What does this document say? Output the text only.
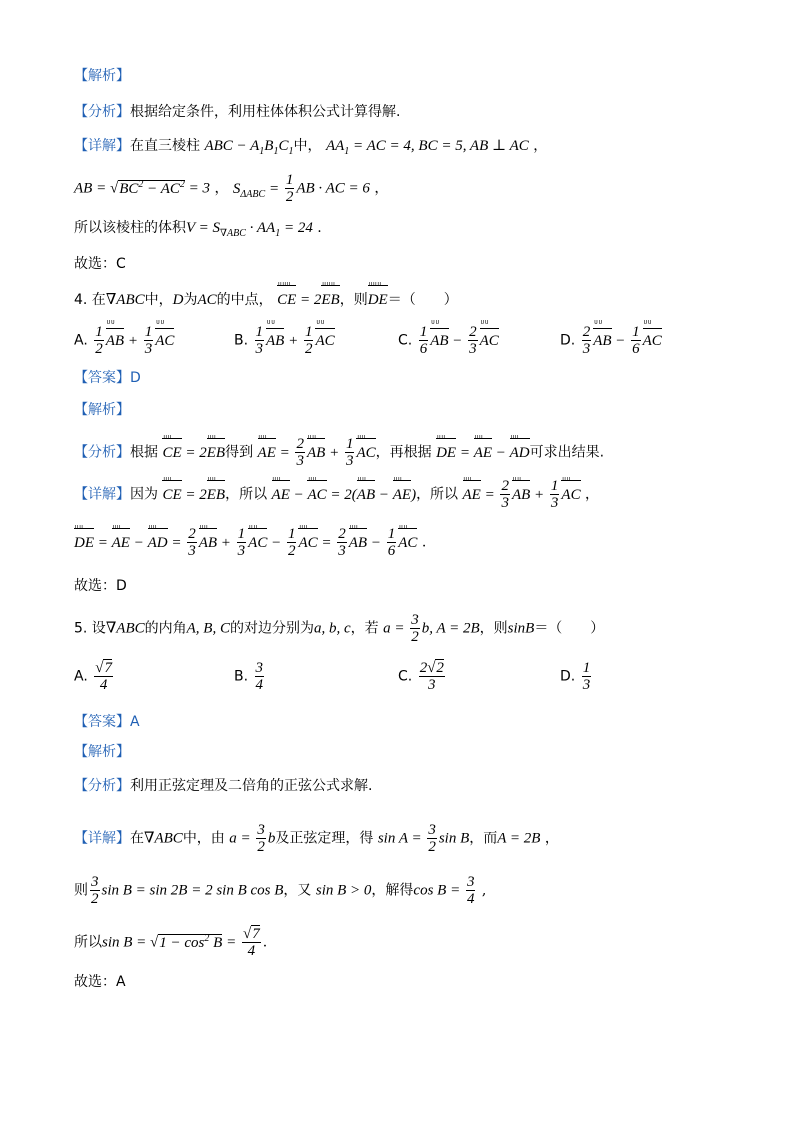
【解析】
【分析】根据给定条件，利用柱体体积公式计算得解.
【详解】在直三棱柱 ABC − $A_1B_1C_1$中， $AA_1$ = AC = 4, BC = 5, AB ⊥ AC ，
AB = $√BC^2 - AC^2 = 3$ ， $S_{\Delta ABC} = \frac{1}{2}$ AB · AC = 6 ，
所以该棱柱的体积$V = S_{\nabla ABC} \cdot AA_1 = 24$ .
故选：C
4. 在∇ABC中，D为AC的中点，
ᵁᵁᵁ
CE = 2
ᵁᵁᵁ
EB，则
ᵁᵁᵁ
DE＝（　　）
A. $\frac{1}{2}$ ᵁᵁ
AB + $\frac{1}{3}$ ᵁᵁ
AC	B. $\frac{1}{3}$ ᵁᵁ
AB + $\frac{1}{2}$ ᵁᵁ
AC	C. $\frac{1}{6}$ ᵁᵁ
AB − $\frac{2}{3}$ ᵁᵁ
AC	D. $\frac{2}{3}$ ᵁᵁ
AB − $\frac{1}{6}$ ᵁᵁ
AC
【答案】D
【解析】
【分析】根据
ᵁᵁ
CE = 2
ᵁᵁ
EB得到
ᵁᵁ
AE = $\frac{2}{3}$ ᵁᵁ
AB + $\frac{1}{3}$ ᵁᵁ
AC，再根据
ᵁᵁ
DE =
ᵁᵁ
AE −
ᵁᵁ
AD可求出结果.
【详解】因为
ᵁᵁ
CE = 2
ᵁᵁ
EB，所以
ᵁᵁ
AE −
ᵁᵁ
AC = 2(
ᵁᵁ
AB −
ᵁᵁ
AE)，所以
ᵁᵁ
AE = $\frac{2}{3}$ ᵁᵁ
AB + $\frac{1}{3}$ ᵁᵁ
AC ，
ᵁᵁ
DE =
ᵁᵁ
AE −
ᵁᵁ
AD = $\frac{2}{3}$ ᵁᵁ
AB + $\frac{1}{3}$ ᵁᵁ
AC − $\frac{1}{2}$ ᵁᵁ
AC = $\frac{2}{3}$ ᵁᵁ
AB − $\frac{1}{6}$ ᵁᵁ
AC .
故选：D
5. 设∇ABC的内角A, B, C的对边分别为a, b, c，若 $a = \frac{3}{2} b$, A = 2B，则sinB＝（　　）
A. $\frac{√7}{4}$	B. $\frac{3}{4}$	C. $\frac{2√2}{3}$	D. $\frac{1}{3}$
【答案】A
【解析】
【分析】利用正弦定理及二倍角的正弦公式求解.
【详解】在∇ABC中，由 $a = \frac{3}{2}$ b及正弦定理，得 $\sin A = \frac{3}{2}$ sin B，而A = 2B ，
则 $\frac{3}{2}$ sin B = sin 2B = 2 sin B cos B，又 sin B > 0，解得$\cos B = \frac{3}{4}$ ,
所以$\sin B = √1 - \cos^2 B = \frac{√7}{4}$ .
故选：A
